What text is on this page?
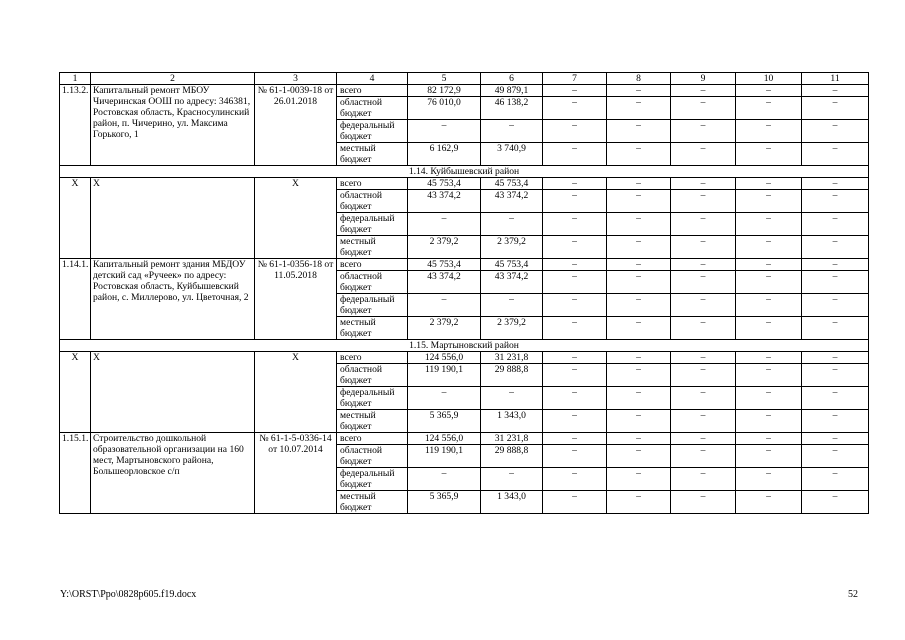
1	2	3	4	5	6	7	8	9	10	11
1.13.2.	Капитальный ремонт МБОУ Чичеринская ООШ по адресу: 346381, Ростовская область, Красносулинский район, п. Чичерино, ул. Максима Горького, 1	№ 61-1-0039-18 от 26.01.2018	всего	82 172,9	49 879,1	–	–	–	–	–
			областной бюджет	76 010,0	46 138,2	–	–	–	–	–
			федеральный бюджет	–	–	–	–	–	–	–
			местный бюджет	6 162,9	3 740,9	–	–	–	–	–
1.14. Куйбышевский район										
Х	Х	Х	всего	45 753,4	45 753,4	–	–	–	–	–
			областной бюджет	43 374,2	43 374,2	–	–	–	–	–
			федеральный бюджет	–	–	–	–	–	–	–
			местный бюджет	2 379,2	2 379,2	–	–	–	–	–
1.14.1.	Капитальный ремонт здания МБДОУ детский сад «Ручеек» по адресу: Ростовская область, Куйбышевский район, с. Миллерово, ул. Цветочная, 2	№ 61-1-0356-18 от 11.05.2018	всего	45 753,4	45 753,4	–	–	–	–	–
			областной бюджет	43 374,2	43 374,2	–	–	–	–	–
			федеральный бюджет	–	–	–	–	–	–	–
			местный бюджет	2 379,2	2 379,2	–	–	–	–	–
1.15. Мартыновский район										
Х	Х	Х	всего	124 556,0	31 231,8	–	–	–	–	–
			областной бюджет	119 190,1	29 888,8	–	–	–	–	–
			федеральный бюджет	–	–	–	–	–	–	–
			местный бюджет	5 365,9	1 343,0	–	–	–	–	–
1.15.1.	Строительство дошкольной образовательной организации на 160 мест, Мартыновского района, Большеорловское с/п	№ 61-1-5-0336-14 от 10.07.2014	всего	124 556,0	31 231,8	–	–	–	–	–
			областной бюджет	119 190,1	29 888,8	–	–	–	–	–
			федеральный бюджет	–	–	–	–	–	–	–
			местный бюджет	5 365,9	1 343,0	–	–	–	–	–
Y:\ORST\Ppo\0828p605.f19.docx	52
